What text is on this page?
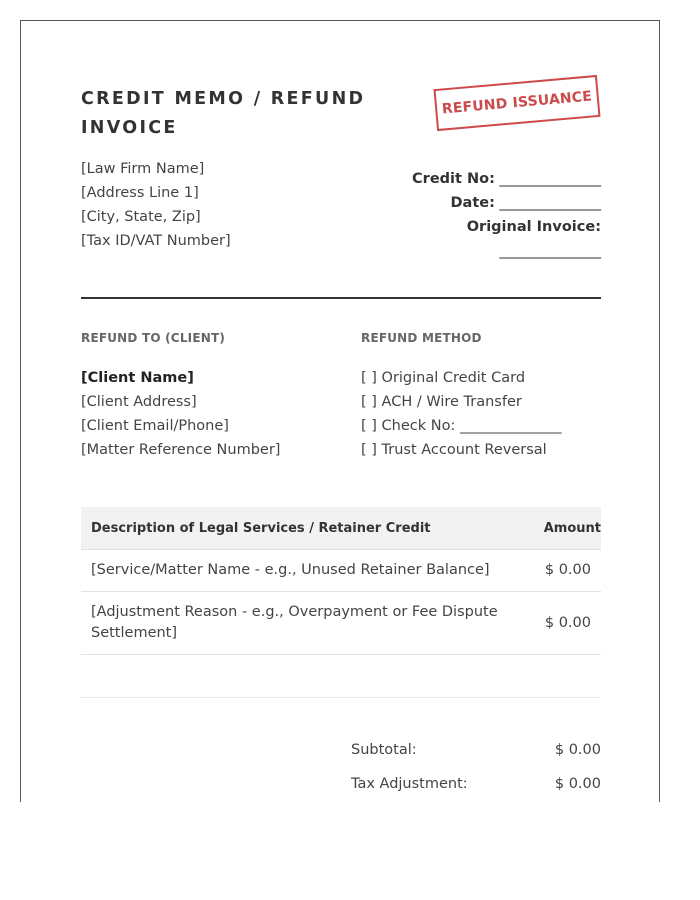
CREDIT MEMO / REFUND INVOICE
REFUND ISSUANCE
[Law Firm Name]
[Address Line 1]
[City, State, Zip]
[Tax ID/VAT Number]
Credit No: ______________
Date: ______________
Original Invoice:
______________
REFUND TO (CLIENT)	REFUND METHOD
[Client Name]
[Client Address]
[Client Email/Phone]
[Matter Reference Number]
[ ] Original Credit Card
[ ] ACH / Wire Transfer
[ ] Check No: ______________
[ ] Trust Account Reversal
Description of Legal Services / Retainer Credit	Amount
[Service/Matter Name - e.g., Unused Retainer Balance]	$ 0.00
[Adjustment Reason - e.g., Overpayment or Fee Dispute Settlement]	$ 0.00

Subtotal:	$ 0.00
Tax Adjustment:	$ 0.00
